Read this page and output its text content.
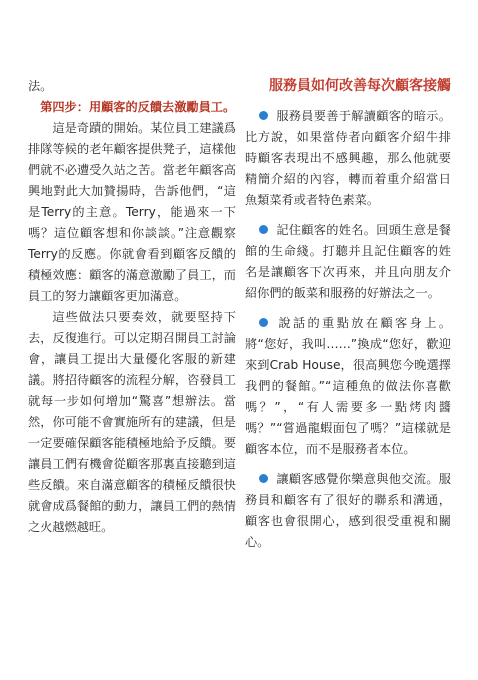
法。

第四步：用顧客的反饋去激勵員工。

這是奇蹟的開始。某位員工建議爲排隊等候的老年顧客提供凳子，這樣他們就不必遭受久站之苦。當老年顧客高興地對此大加贊揚時，告訴他們，“這是Terry的主意。Terry，能過來一下嗎？這位顧客想和你談談。”注意觀察Terry的反應。你就會看到顧客反饋的積極效應：顧客的滿意激勵了員工，而員工的努力讓顧客更加滿意。

這些做法只要奏效，就要堅持下去，反復進行。可以定期召開員工討論會，讓員工提出大量優化客服的新建議。將招待顧客的流程分解，咨發員工就每一步如何增加“驚喜”想辦法。當然，你可能不會實施所有的建議，但是一定要確保顧客能積極地給予反饋。要讓員工們有機會從顧客那裏直接聽到這些反饋。來自滿意顧客的積極反饋很快就會成爲餐館的動力，讓員工們的熱情之火越燃越旺。

服務員如何改善每次顧客接觸

服務員要善于解讀顧客的暗示。比方說，如果當侍者向顧客介紹牛排時顧客表現出不感興趣，那么他就要精簡介紹的內容，轉而着重介紹當日魚類菜肴或者特色素菜。

記住顧客的姓名。回頭生意是餐館的生命綫。打聽并且記住顧客的姓名是讓顧客下次再來，并且向朋友介紹你們的飯菜和服務的好辦法之一。

說話的重點放在顧客身上。將“您好，我叫……”換成“您好，歡迎來到Crab House，很高興您今晚選擇我們的餐館。”“這種魚的做法你喜歡嗎？”，“有人需要多一點烤肉醬嗎？”“嘗過龍蝦面包了嗎？”這樣就是顧客本位，而不是服務者本位。

讓顧客感覺你樂意與他交流。服務員和顧客有了很好的聯系和溝通，顧客也會很開心，感到很受重視和關心。
